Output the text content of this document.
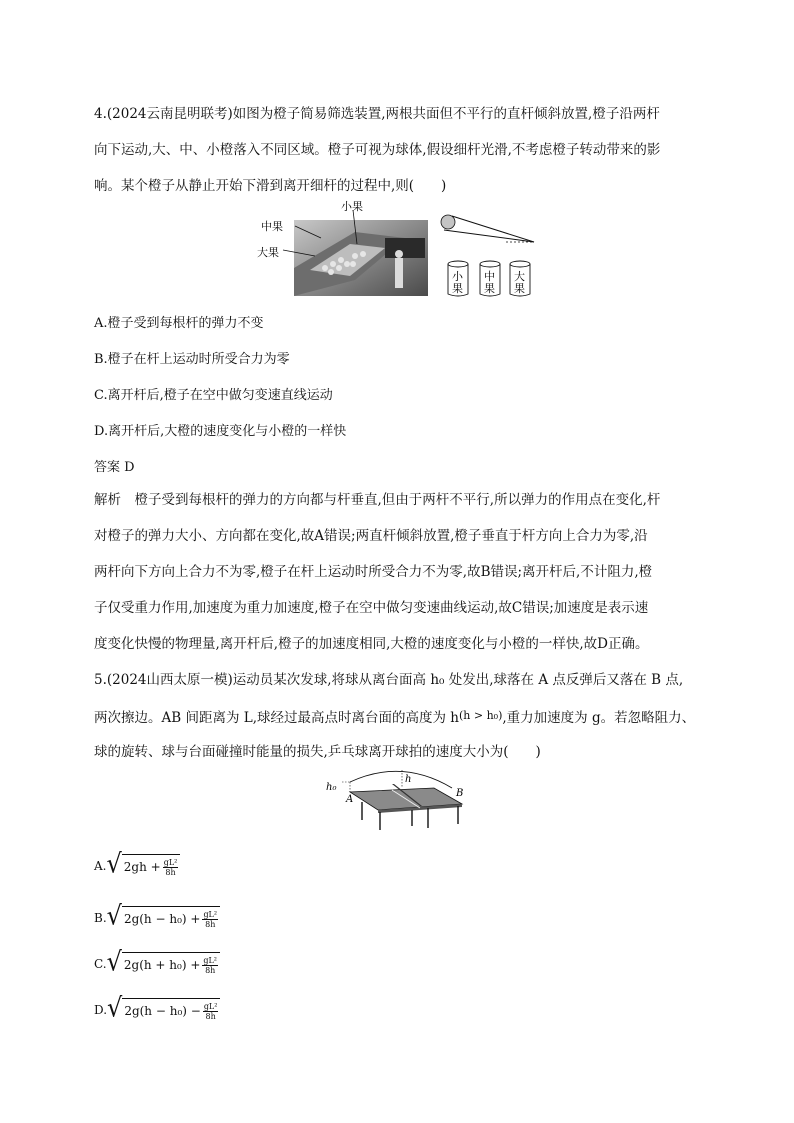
4.(2024云南昆明联考)如图为橙子简易筛选装置,两根共面但不平行的直杆倾斜放置,橙子沿两杆
向下运动,大、中、小橙落入不同区域。橙子可视为球体,假设细杆光滑,不考虑橙子转动带来的影
响。某个橙子从静止开始下滑到离开细杆的过程中,则(　　)
小果
中果
大果
小
果
中
果
大
果
A.橙子受到每根杆的弹力不变
B.橙子在杆上运动时所受合力为零
C.离开杆后,橙子在空中做匀变速直线运动
D.离开杆后,大橙的速度变化与小橙的一样快
答案 D
解析　橙子受到每根杆的弹力的方向都与杆垂直,但由于两杆不平行,所以弹力的作用点在变化,杆
对橙子的弹力大小、方向都在变化,故A错误;两直杆倾斜放置,橙子垂直于杆方向上合力为零,沿
两杆向下方向上合力不为零,橙子在杆上运动时所受合力不为零,故B错误;离开杆后,不计阻力,橙
子仅受重力作用,加速度为重力加速度,橙子在空中做匀变速曲线运动,故C错误;加速度是表示速
度变化快慢的物理量,离开杆后,橙子的加速度相同,大橙的速度变化与小橙的一样快,故D正确。
5.(2024山西太原一模)运动员某次发球,将球从离台面高 h₀ 处发出,球落在 A 点反弹后又落在 B 点,
两次擦边。AB 间距离为 L,球经过最高点时离台面的高度为 $h^{(h > h_0)}$,重力加速度为 g。若忽略阻力、
球的旋转、球与台面碰撞时能量的损失,乒乓球离开球拍的速度大小为(　　)
h₀
h
A
B
A. √ $2gh + \frac{\text{gL²}}{8h}$
B. √ $2g(h - h_0) + \frac{\text{gL²}}{8h}$
C. √ $2g(h + h_0) + \frac{\text{gL²}}{8h}$
D. √ $2g(h - h_0) - \frac{\text{gL²}}{8h}$
